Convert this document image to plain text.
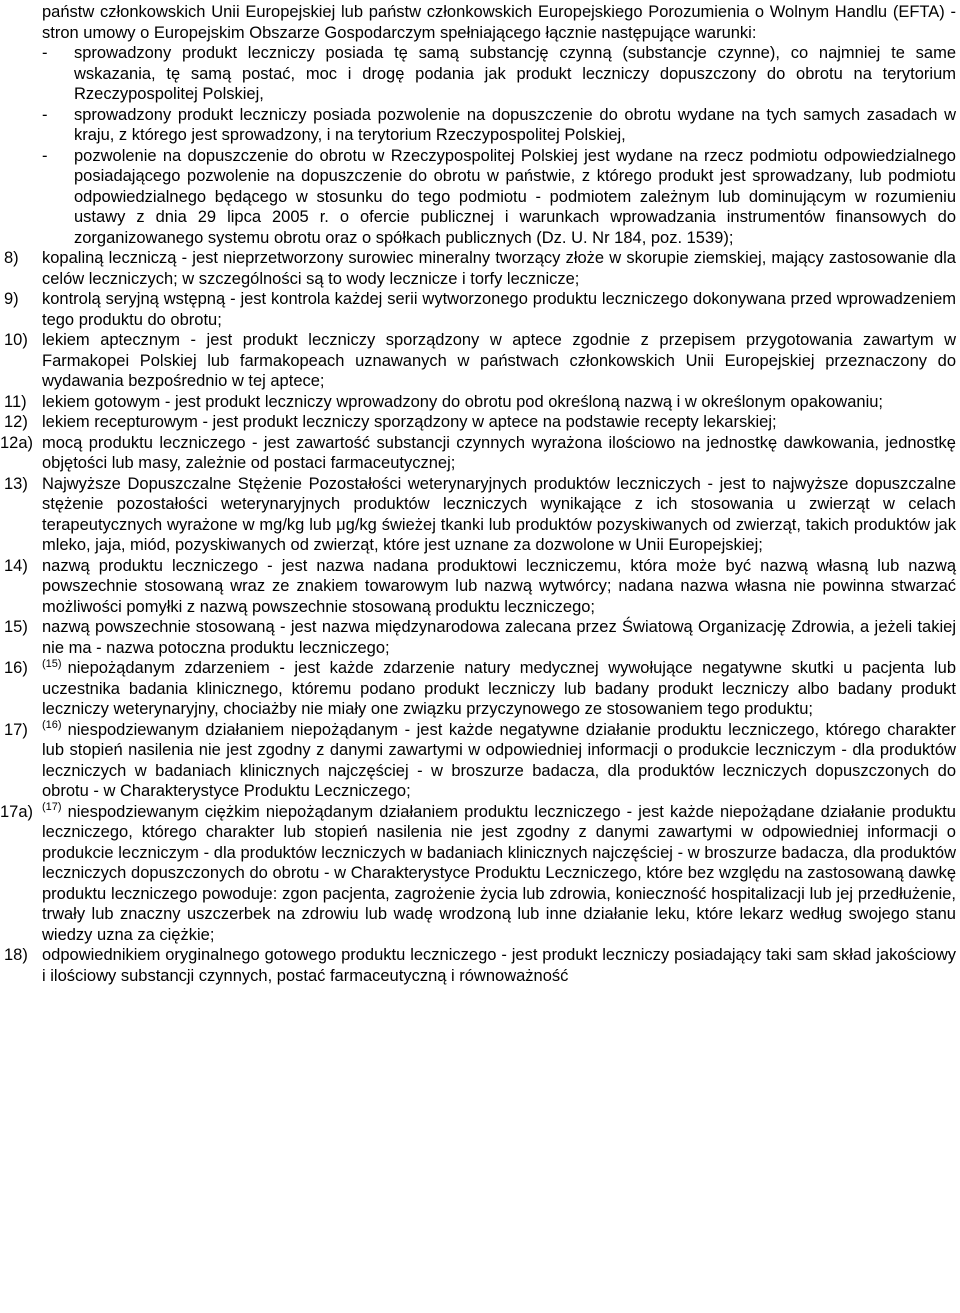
państw członkowskich Unii Europejskiej lub państw członkowskich Europejskiego Porozumienia o Wolnym Handlu (EFTA) - stron umowy o Europejskim Obszarze Gospodarczym spełniającego łącznie następujące warunki:

- sprowadzony produkt leczniczy posiada tę samą substancję czynną (substancje czynne), co najmniej te same wskazania, tę samą postać, moc i drogę podania jak produkt leczniczy dopuszczony do obrotu na terytorium Rzeczypospolitej Polskiej,
- sprowadzony produkt leczniczy posiada pozwolenie na dopuszczenie do obrotu wydane na tych samych zasadach w kraju, z którego jest sprowadzony, i na terytorium Rzeczypospolitej Polskiej,
- pozwolenie na dopuszczenie do obrotu w Rzeczypospolitej Polskiej jest wydane na rzecz podmiotu odpowiedzialnego posiadającego pozwolenie na dopuszczenie do obrotu w państwie, z którego produkt jest sprowadzany, lub podmiotu odpowiedzialnego będącego w stosunku do tego podmiotu - podmiotem zależnym lub dominującym w rozumieniu ustawy z dnia 29 lipca 2005 r. o ofercie publicznej i warunkach wprowadzania instrumentów finansowych do zorganizowanego systemu obrotu oraz o spółkach publicznych (Dz. U. Nr 184, poz. 1539);
8) kopaliną leczniczą - jest nieprzetworzony surowiec mineralny tworzący złoże w skorupie ziemskiej, mający zastosowanie dla celów leczniczych; w szczególności są to wody lecznicze i torfy lecznicze;
9) kontrolą seryjną wstępną - jest kontrola każdej serii wytworzonego produktu leczniczego dokonywana przed wprowadzeniem tego produktu do obrotu;
10) lekiem aptecznym - jest produkt leczniczy sporządzony w aptece zgodnie z przepisem przygotowania zawartym w Farmakopei Polskiej lub farmakopeach uznawanych w państwach członkowskich Unii Europejskiej przeznaczony do wydawania bezpośrednio w tej aptece;
11) lekiem gotowym - jest produkt leczniczy wprowadzony do obrotu pod określoną nazwą i w określonym opakowaniu;
12) lekiem recepturowym - jest produkt leczniczy sporządzony w aptece na podstawie recepty lekarskiej;
12a) mocą produktu leczniczego - jest zawartość substancji czynnych wyrażona ilościowo na jednostkę dawkowania, jednostkę objętości lub masy, zależnie od postaci farmaceutycznej;
13) Najwyższe Dopuszczalne Stężenie Pozostałości weterynaryjnych produktów leczniczych - jest to najwyższe dopuszczalne stężenie pozostałości weterynaryjnych produktów leczniczych wynikające z ich stosowania u zwierząt w celach terapeutycznych wyrażone w mg/kg lub μg/kg świeżej tkanki lub produktów pozyskiwanych od zwierząt, takich produktów jak mleko, jaja, miód, pozyskiwanych od zwierząt, które jest uznane za dozwolone w Unii Europejskiej;
14) nazwą produktu leczniczego - jest nazwa nadana produktowi leczniczemu, która może być nazwą własną lub nazwą powszechnie stosowaną wraz ze znakiem towarowym lub nazwą wytwórcy; nadana nazwa własna nie powinna stwarzać możliwości pomyłki z nazwą powszechnie stosowaną produktu leczniczego;
15) nazwą powszechnie stosowaną - jest nazwa międzynarodowa zalecana przez Światową Organizację Zdrowia, a jeżeli takiej nie ma - nazwa potoczna produktu leczniczego;
16) $^{(15)}$ niepożądanym zdarzeniem - jest każde zdarzenie natury medycznej wywołujące negatywne skutki u pacjenta lub uczestnika badania klinicznego, któremu podano produkt leczniczy lub badany produkt leczniczy albo badany produkt leczniczy weterynaryjny, chociażby nie miały one związku przyczynowego ze stosowaniem tego produktu;
17) $^{(16)}$ niespodziewanym działaniem niepożądanym - jest każde negatywne działanie produktu leczniczego, którego charakter lub stopień nasilenia nie jest zgodny z danymi zawartymi w odpowiedniej informacji o produkcie leczniczym - dla produktów leczniczych w badaniach klinicznych najczęściej - w broszurze badacza, dla produktów leczniczych dopuszczonych do obrotu - w Charakterystyce Produktu Leczniczego;
17a) $^{(17)}$ niespodziewanym ciężkim niepożądanym działaniem produktu leczniczego - jest każde niepożądane działanie produktu leczniczego, którego charakter lub stopień nasilenia nie jest zgodny z danymi zawartymi w odpowiedniej informacji o produkcie leczniczym - dla produktów leczniczych w badaniach klinicznych najczęściej - w broszurze badacza, dla produktów leczniczych dopuszczonych do obrotu - w Charakterystyce Produktu Leczniczego, które bez względu na zastosowaną dawkę produktu leczniczego powoduje: zgon pacjenta, zagrożenie życia lub zdrowia, konieczność hospitalizacji lub jej przedłużenie, trwały lub znaczny uszczerbek na zdrowiu lub wadę wrodzoną lub inne działanie leku, które lekarz według swojego stanu wiedzy uzna za ciężkie;
18) odpowiednikiem oryginalnego gotowego produktu leczniczego - jest produkt leczniczy posiadający taki sam skład jakościowy i ilościowy substancji czynnych, postać farmaceutyczną i równoważność
